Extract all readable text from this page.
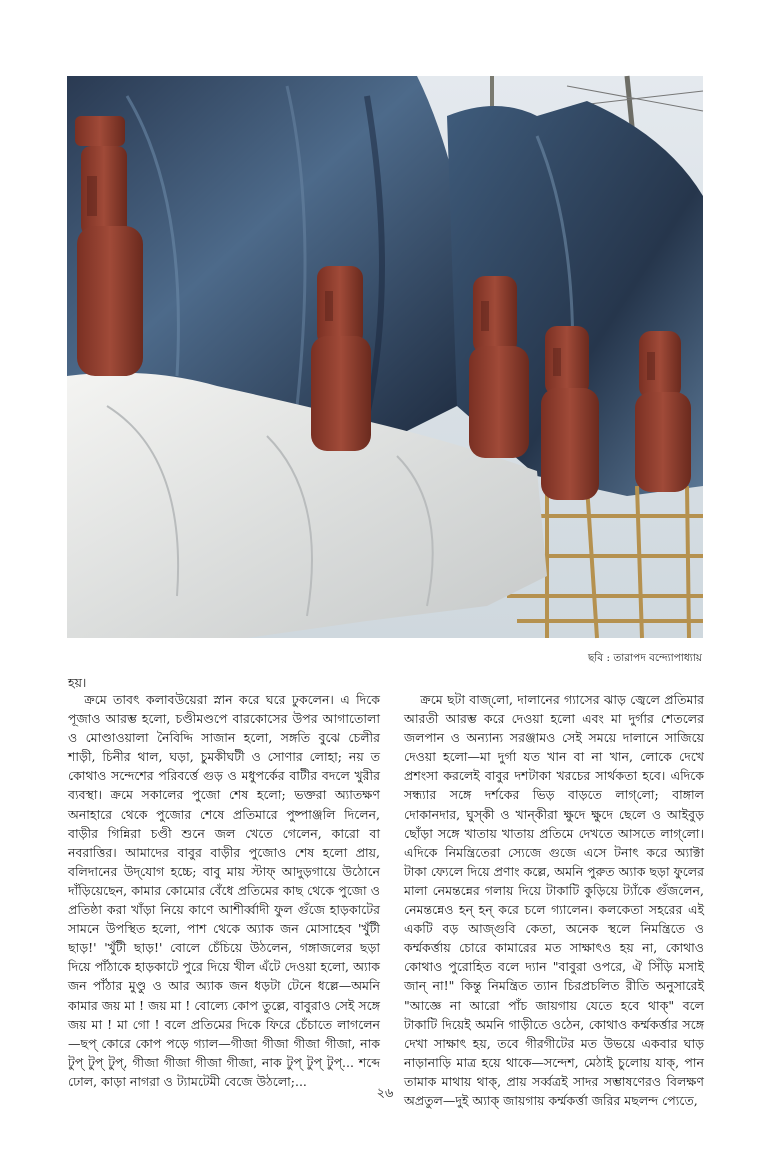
ছবি : তারাপদ বন্দ্যোপাধ্যায়
হয়।

ক্রমে তাবৎ কলাবউয়েরা স্নান করে ঘরে ঢুকলেন। এ দিকে পূজাও আরম্ভ হলো, চণ্ডীমণ্ডপে বারকোসের উপর আগাতোলা ও মোণ্ডাওয়ালা নৈবিদ্দি সাজান হলো, সঙ্গতি বুঝে চেলীর শাড়ী, চিনীর থাল, ঘড়া, চুমকীঘটী ও সোণার লোহা; নয় ত কোথাও সন্দেশের পরিবর্ত্তে গুড় ও মধুপর্কের বাটীর বদলে খুরীর ব্যবস্থা। ক্রমে সকালের পুজো শেষ হলো; ভক্তরা অ্যাতক্ষণ অনাহারে থেকে পুজোর শেষে প্রতিমারে পুষ্পাঞ্জলি দিলেন, বাড়ীর গিন্নিরা চণ্ডী শুনে জল খেতে গেলেন, কারো বা নবরাত্তির। আমাদের বাবুর বাড়ীর পুজোও শেষ হলো প্রায়, বলিদানের উদ্‌যোগ হচ্চে; বাবু মায় স্টাফ্ আদুড়গায়ে উঠোনে দাঁড়িয়েছেন, কামার কোমোর বেঁধে প্রতিমের কাছ থেকে পুজো ও প্রতিষ্ঠা করা খাঁড়া নিয়ে কাণে আশীর্ব্বাদী ফুল গুঁজে হাড়কাটের সামনে উপস্থিত হলো, পাশ থেকে অ্যাক জন মোসাহেব 'খুঁটী ছাড়!' 'খুঁটী ছাড়!' বোলে চেঁচিয়ে উঠলেন, গঙ্গাজলের ছড়া দিয়ে পাঁঠাকে হাড়কাটে পুরে দিয়ে খীল এঁটে দেওয়া হলো, অ্যাক জন পাঁঠার মুণ্ডু ও আর অ্যাক জন ধড়টা টেনে ধল্লে—অমনি কামার জয় মা ! জয় মা ! বোল্যে কোপ তুল্লে, বাবুরাও সেই সঙ্গে জয় মা ! মা গো ! বলে প্রতিমের দিকে ফিরে চেঁচাতে লাগলেন—ছপ্ কোরে কোপ পড়ে গ্যাল—গীজা গীজা গীজা গীজা, নাক টুপ্ টুপ্ টুপ্, গীজা গীজা গীজা গীজা, নাক টুপ্ টুপ্ টুপ্... শব্দে ঢোল, কাড়া নাগরা ও ট্যামটেমী বেজে উঠলো;...

ক্রমে ছটা বাজ্‌লো, দালানের গ্যাসের ঝাড় জ্বেলে প্রতিমার আরতী আরম্ভ করে দেওয়া হলো এবং মা দুর্গার শেতলের জলপান ও অন্যান্য সরঞ্জামও সেই সময়ে দালানে সাজিয়ে দেওয়া হলো—মা দুর্গা যত খান বা না খান, লোকে দেখে প্রশংসা করলেই বাবুর দশটাকা খরচের সার্থকতা হবে। এদিকে সন্ধ্যার সঙ্গে দর্শকের ভিড় বাড়তে লাগ্‌লো; বাঙ্গাল দোকানদার, ঘুস্‌কী ও খান্‌কীরা ক্ষুদে ক্ষুদে ছেলে ও আইবুড় ছোঁড়া সঙ্গে খাতায় খাতায় প্রতিমে দেখতে আসতে লাগ্‌লো। এদিকে নিমন্ত্রিতেরা স্যেজে গুজে এসে টনাৎ করে অ্যাক্টা টাকা ফ্যেলে দিয়ে প্রণাং কল্লে, অমনি পুরুত অ্যাক ছড়া ফুলের মালা নেমন্তন্নের গলায় দিয়ে টাকাটি কুড়িয়ে ট্যাঁকে গুঁজলেন, নেমন্তন্নেও হন্ হন্ করে চলে গ্যালেন। কলকেতা সহরের এই একটি বড় আজ্‌গুবি কেতা, অনেক স্থলে নিমন্ত্রিতে ও কর্ম্মকর্ত্তায় চোরে কামারের মত সাক্ষাৎও হয় না, কোথাও কোথাও পুরোহিত বলে দ্যান "বাবুরা ওপরে, ঐ সিঁড়ি মসাই জান্ না!" কিন্তু নিমন্ত্রিত ত্যান চিরপ্রচলিত রীতি অনুসারেই "আজ্ঞে না আরো পাঁচ জায়গায় যেতে হবে থাক্" বলে টাকাটি দিয়েই অমনি গাড়ীতে ওঠেন, কোথাও কর্ম্মকর্ত্তার সঙ্গে দেখা সাক্ষাৎ হয়, তবে গীরগীটের মত উভয়ে একবার ঘাড় নাড়ানাড়ি মাত্র হয়ে থাকে—সন্দেশ, মেঠাই চুলোয় যাক্, পান তামাক মাথায় থাক্, প্রায় সর্ব্বত্রই সাদর সম্ভাষণেরও বিলক্ষণ অপ্রতুল—দুই অ্যাক্ জায়গায় কর্ম্মকর্ত্তা জরির মছলন্দ প্যেতে,

২৬
